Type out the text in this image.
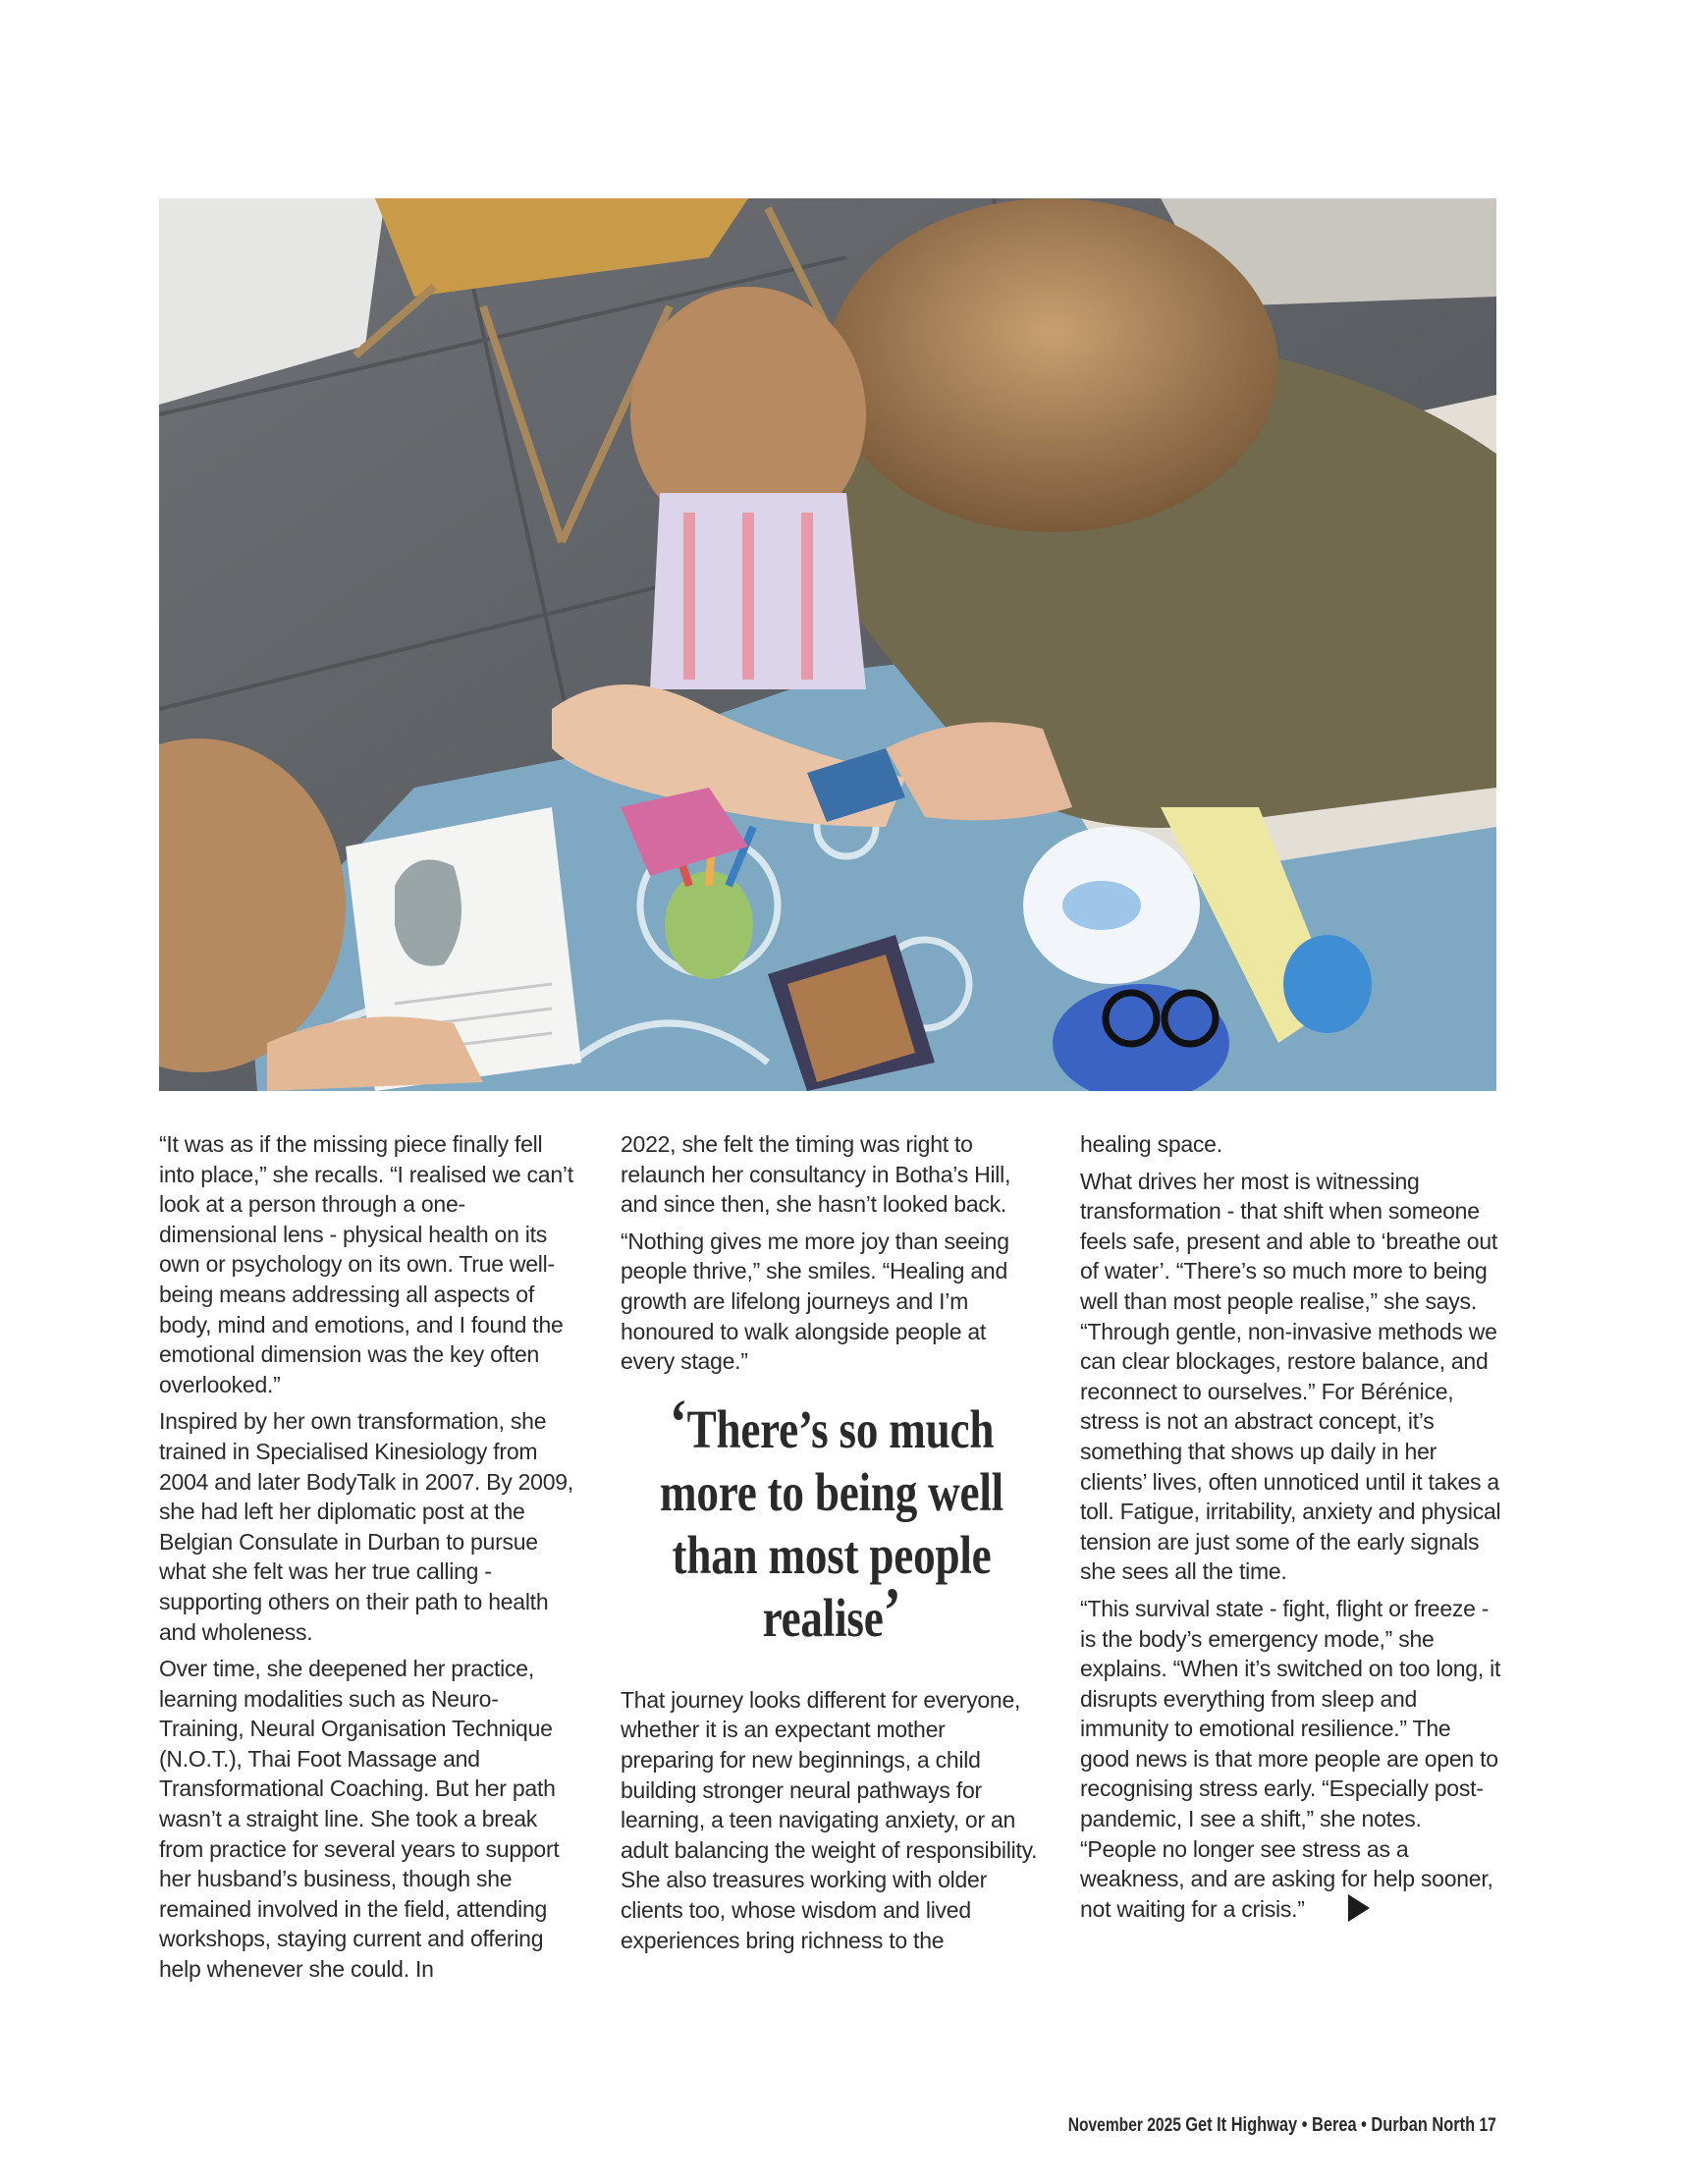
“It was as if the missing piece finally fell into place,” she recalls. “I realised we can’t look at a person through a one-dimensional lens - physical health on its own or psychology on its own. True well-being means addressing all aspects of body, mind and emotions, and I found the emotional dimension was the key often overlooked.”

Inspired by her own transformation, she trained in Specialised Kinesiology from 2004 and later BodyTalk in 2007. By 2009, she had left her diplomatic post at the Belgian Consulate in Durban to pursue what she felt was her true calling - supporting others on their path to health and wholeness.

Over time, she deepened her practice, learning modalities such as Neuro-Training, Neural Organisation Technique (N.O.T.), Thai Foot Massage and Transformational Coaching. But her path wasn’t a straight line. She took a break from practice for several years to support her husband’s business, though she remained involved in the field, attending workshops, staying current and offering help whenever she could. In

2022, she felt the timing was right to relaunch her consultancy in Botha’s Hill, and since then, she hasn’t looked back.

“Nothing gives me more joy than seeing people thrive,” she smiles. “Healing and growth are lifelong journeys and I’m honoured to walk alongside people at every stage.”

‘There’s so much more to being well than most people realise’

That journey looks different for everyone, whether it is an expectant mother preparing for new beginnings, a child building stronger neural pathways for learning, a teen navigating anxiety, or an adult balancing the weight of responsibility. She also treasures working with older clients too, whose wisdom and lived experiences bring richness to the

healing space.

What drives her most is witnessing transformation - that shift when someone feels safe, present and able to ‘breathe out of water’. “There’s so much more to being well than most people realise,” she says. “Through gentle, non-invasive methods we can clear blockages, restore balance, and reconnect to ourselves.” For Bérénice, stress is not an abstract concept, it’s something that shows up daily in her clients’ lives, often unnoticed until it takes a toll. Fatigue, irritability, anxiety and physical tension are just some of the early signals she sees all the time.

“This survival state - fight, flight or freeze - is the body’s emergency mode,” she explains. “When it’s switched on too long, it disrupts everything from sleep and immunity to emotional resilience.” The good news is that more people are open to recognising stress early. “Especially post-pandemic, I see a shift,” she notes. “People no longer see stress as a weakness, and are asking for help sooner, not waiting for a crisis.”

November 2025 Get It Highway • Berea • Durban North 17
